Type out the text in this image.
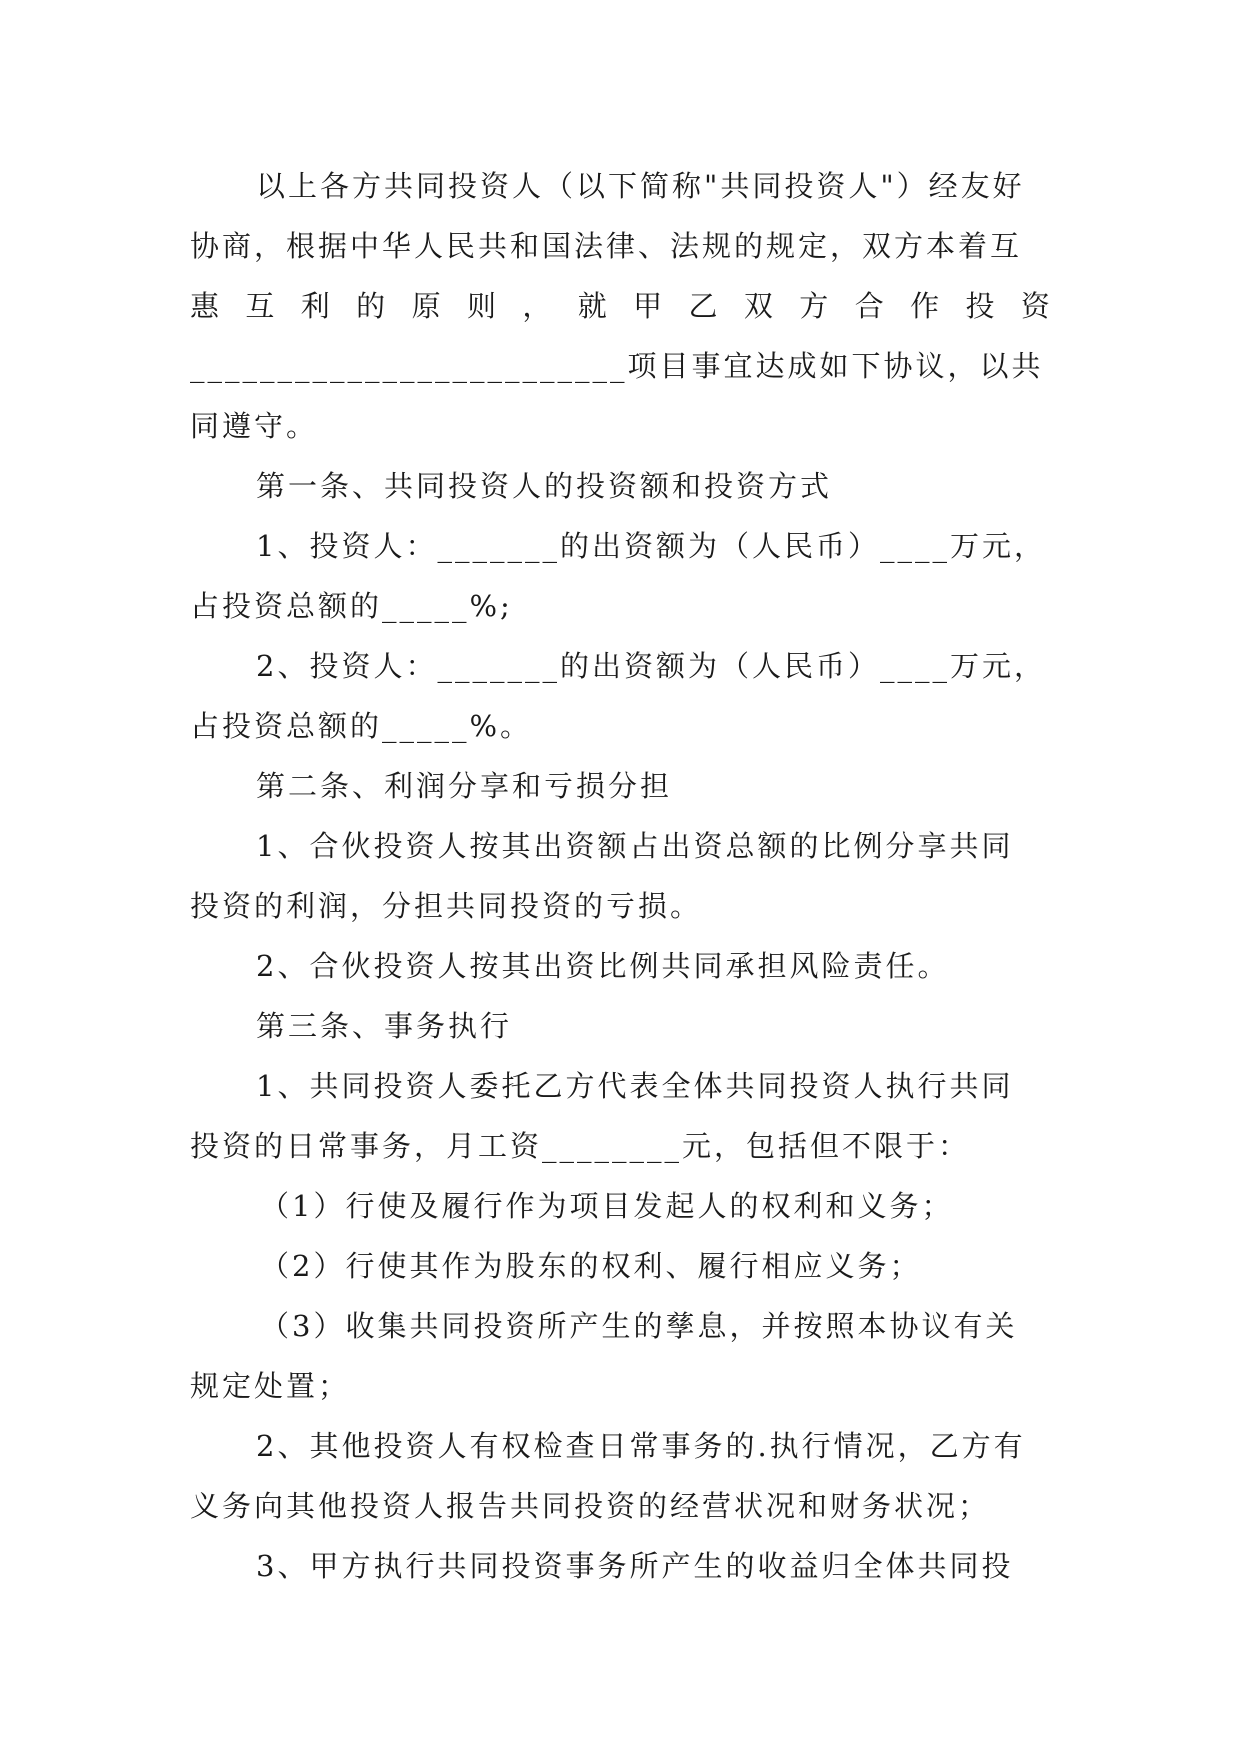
以上各方共同投资人（以下简称"共同投资人"）经友好

协商，根据中华人民共和国法律、法规的规定，双方本着互

惠 互 利 的 原 则 ， 就 甲 乙 双 方 合 作 投 资

_________________________项目事宜达成如下协议，以共

同遵守。

第一条、共同投资人的投资额和投资方式

1、投资人：_______的出资额为（人民币）____万元，

占投资总额的_____%;

2、投资人：_______的出资额为（人民币）____万元，

占投资总额的_____%。

第二条、利润分享和亏损分担

1、合伙投资人按其出资额占出资总额的比例分享共同

投资的利润，分担共同投资的亏损。

2、合伙投资人按其出资比例共同承担风险责任。

第三条、事务执行

1、共同投资人委托乙方代表全体共同投资人执行共同

投资的日常事务，月工资________元，包括但不限于：

（1）行使及履行作为项目发起人的权利和义务；

（2）行使其作为股东的权利、履行相应义务；

（3）收集共同投资所产生的孳息，并按照本协议有关

规定处置；

2、其他投资人有权检查日常事务的.执行情况，乙方有

义务向其他投资人报告共同投资的经营状况和财务状况；

3、甲方执行共同投资事务所产生的收益归全体共同投
